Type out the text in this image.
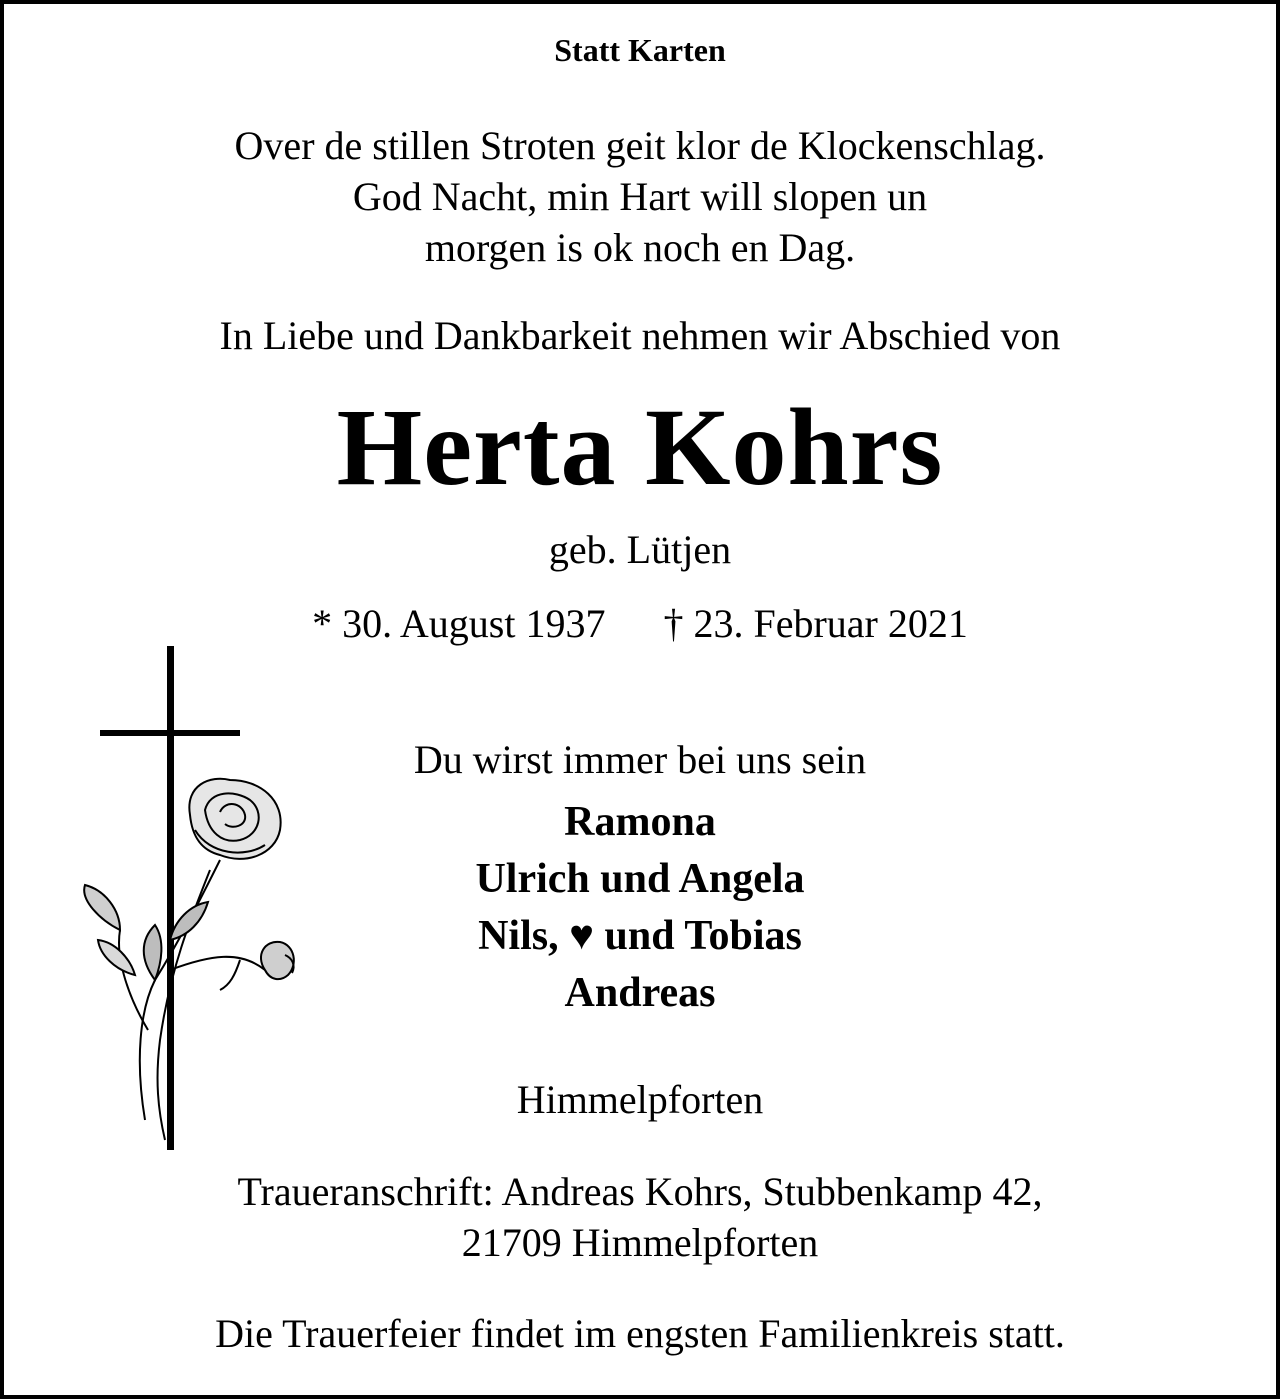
Statt Karten
Over de stillen Stroten geit klor de Klockenschlag.
God Nacht, min Hart will slopen un
morgen is ok noch en Dag.
In Liebe und Dankbarkeit nehmen wir Abschied von
Herta Kohrs
geb. Lütjen
* 30. August 1937 † 23. Februar 2021
Du wirst immer bei uns sein
Ramona
Ulrich und Angela
Nils, ♥ und Tobias
Andreas
Himmelpforten
Traueranschrift: Andreas Kohrs, Stubbenkamp 42,
21709 Himmelpforten
Die Trauerfeier findet im engsten Familienkreis statt.
